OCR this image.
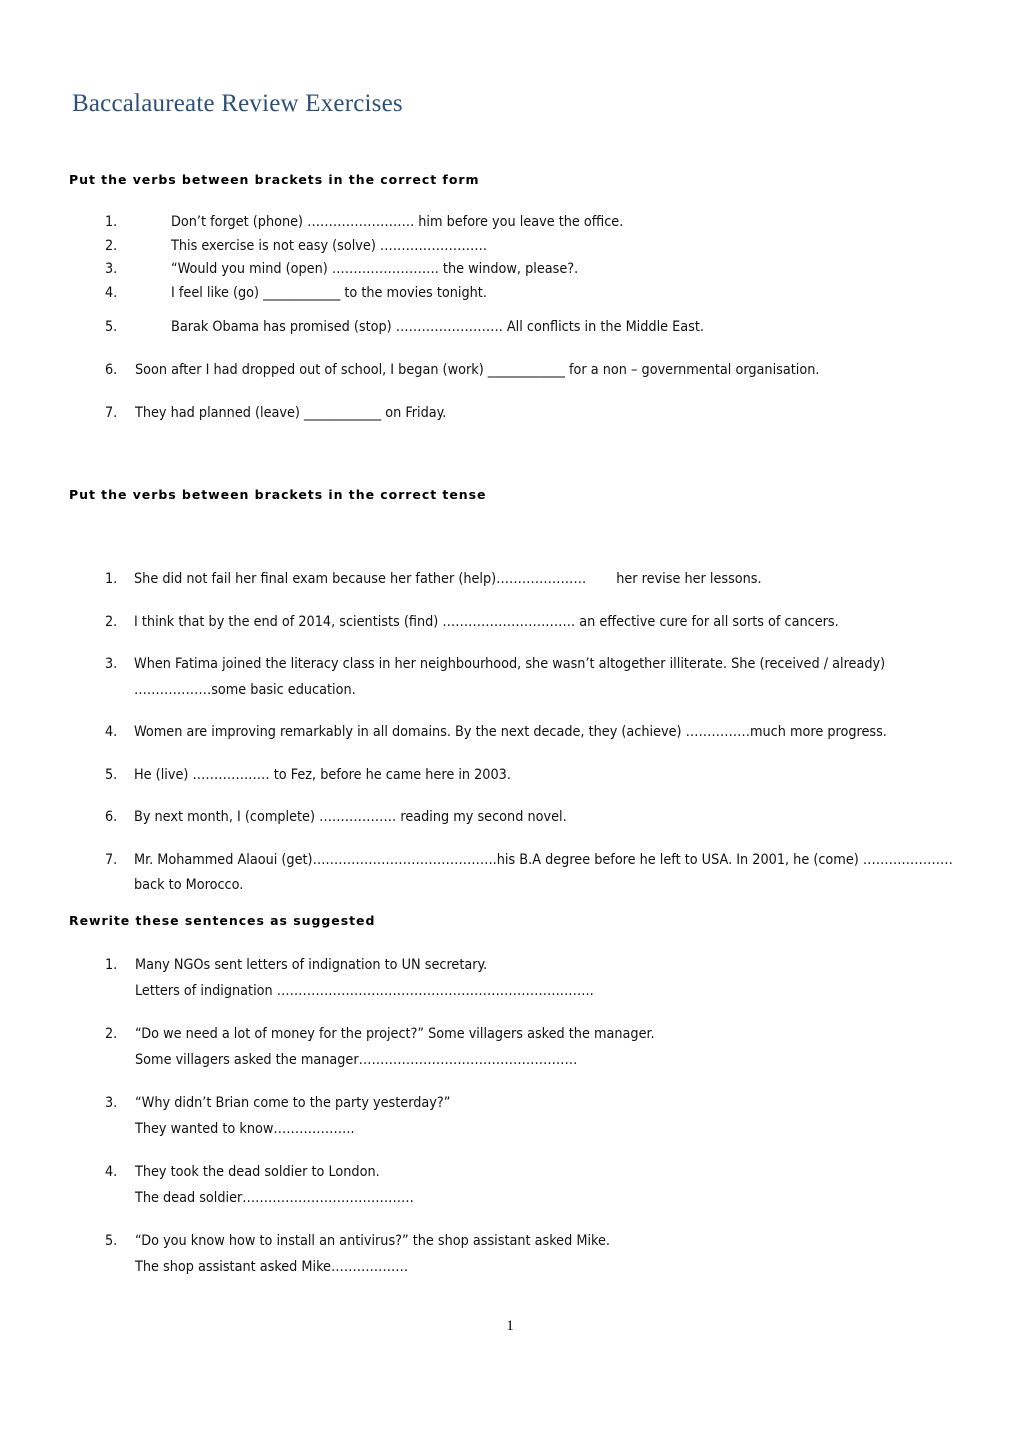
Baccalaureate Review Exercises
Put the verbs between brackets in the correct form
1.	Don’t forget (phone) ……………………. him before you leave the office.
2.	This exercise is not easy (solve) …………………….
3.	“Would you mind (open) ……………………. the window, please?.
4.	I feel like (go) ____________ to the movies tonight.
5.	Barak Obama has promised (stop) ……………………. All conflicts in the Middle East.
6. Soon after I had dropped out of school, I began (work) ____________ for a non – governmental organisation.
7. They had planned (leave) ____________ on Friday.
Put the verbs between brackets in the correct tense
1. She did not fail her final exam because her father (help)………………… her revise her lessons.
2. I think that by the end of 2014, scientists (find) …………………………. an effective cure for all sorts of cancers.
3. When Fatima joined the literacy class in her neighbourhood, she wasn’t altogether illiterate. She (received / already) ………………some basic education.
4. Women are improving remarkably in all domains. By the next decade, they (achieve) ……………much more progress.
5. He (live) ……………… to Fez, before he came here in 2003.
6. By next month, I (complete) ……………… reading my second novel.
7. Mr. Mohammed Alaoui (get)…………………………………….his B.A degree before he left to USA. In 2001, he (come) …………………back to Morocco.
Rewrite these sentences as suggested
1. Many NGOs sent letters of indignation to UN secretary.
Letters of indignation ………………………………………………………………..
2. “Do we need a lot of money for the project?” Some villagers asked the manager.
Some villagers asked the manager……………………………………………
3. “Why didn’t Brian come to the party yesterday?”
They wanted to know……………….
4. They took the dead soldier to London.
The dead soldier………………………………….
5. “Do you know how to install an antivirus?” the shop assistant asked Mike.
The shop assistant asked Mike………………
1
